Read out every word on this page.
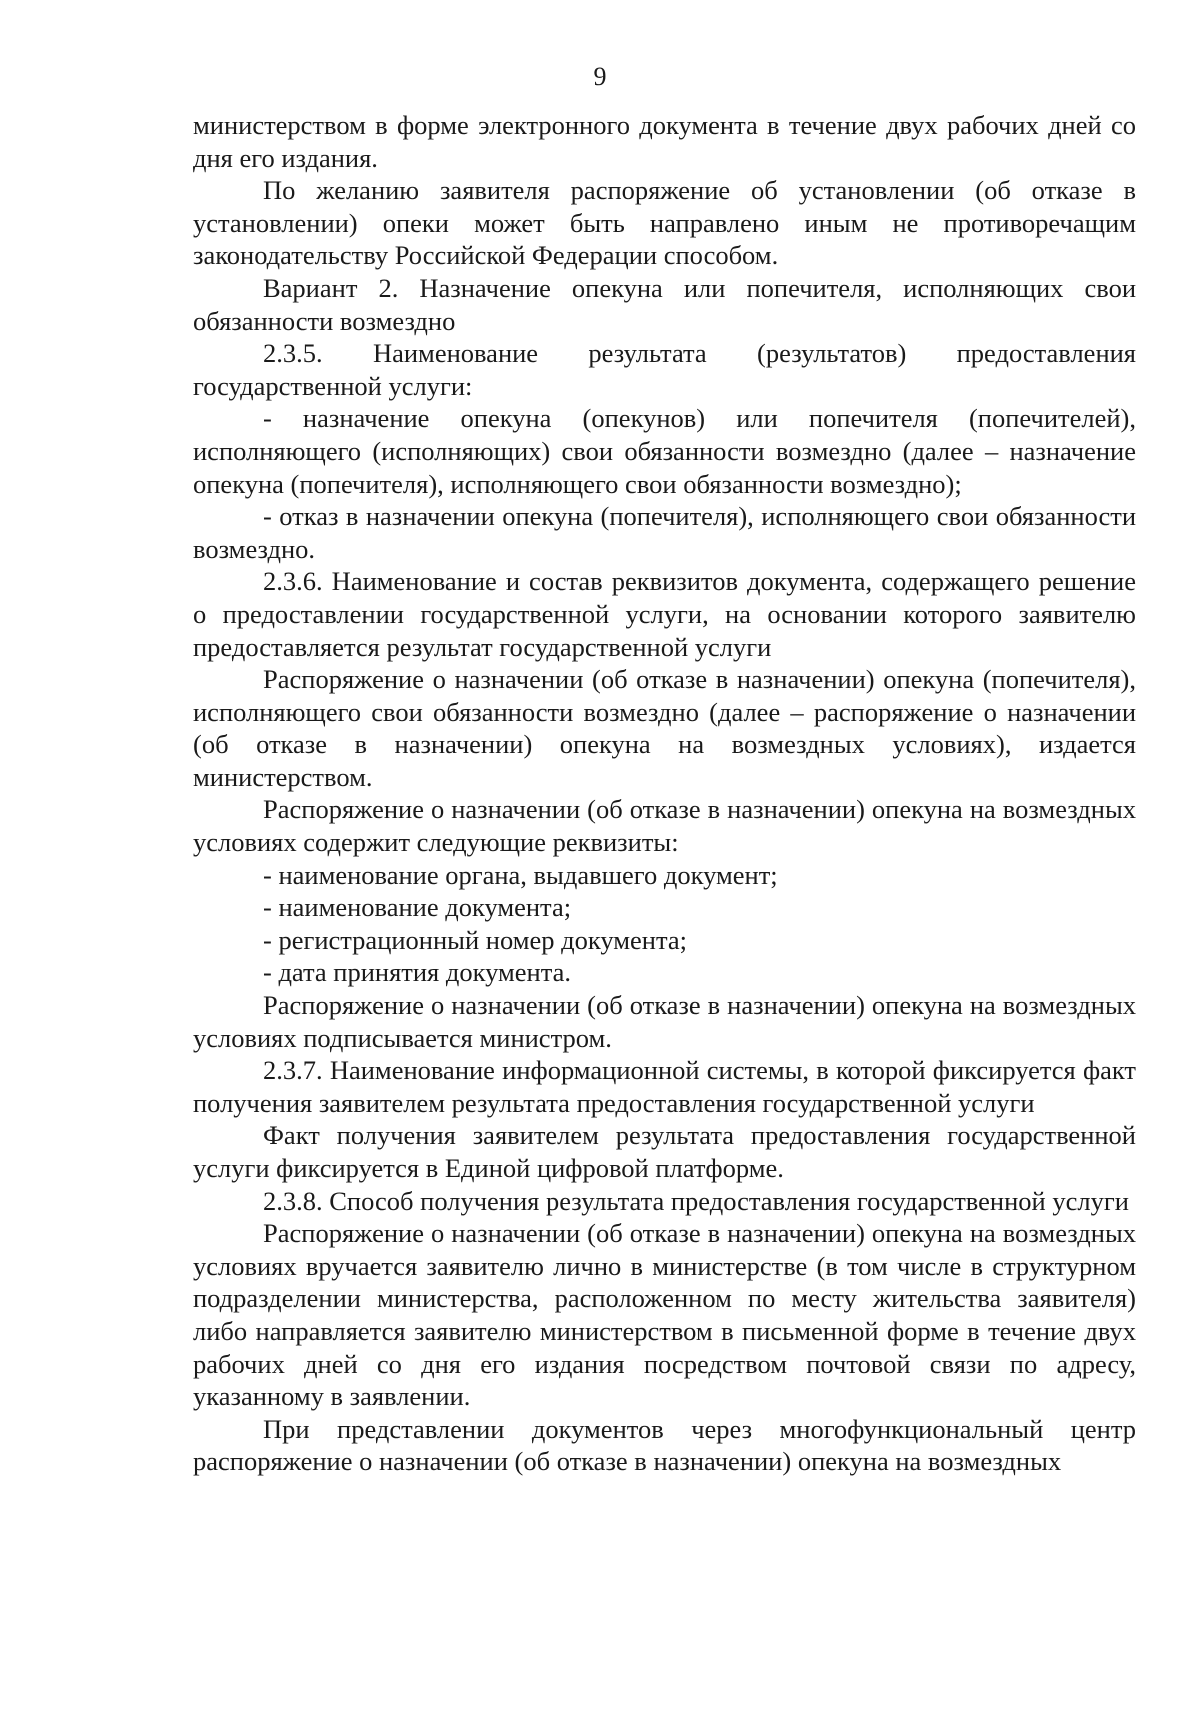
9

министерством в форме электронного документа в течение двух рабочих дней со дня его издания.

По желанию заявителя распоряжение об установлении (об отказе в установлении) опеки может быть направлено иным не противоречащим законодательству Российской Федерации способом.

Вариант 2. Назначение опекуна или попечителя, исполняющих свои обязанности возмездно

2.3.5. Наименование результата (результатов) предоставления государственной услуги:

- назначение опекуна (опекунов) или попечителя (попечителей), исполняющего (исполняющих) свои обязанности возмездно (далее – назначение опекуна (попечителя), исполняющего свои обязанности возмездно);

- отказ в назначении опекуна (попечителя), исполняющего свои обязанности возмездно.

2.3.6. Наименование и состав реквизитов документа, содержащего решение о предоставлении государственной услуги, на основании которого заявителю предоставляется результат государственной услуги

Распоряжение о назначении (об отказе в назначении) опекуна (попечителя), исполняющего свои обязанности возмездно (далее – распоряжение о назначении (об отказе в назначении) опекуна на возмездных условиях), издается министерством.

Распоряжение о назначении (об отказе в назначении) опекуна на возмездных условиях содержит следующие реквизиты:

- наименование органа, выдавшего документ;

- наименование документа;

- регистрационный номер документа;

- дата принятия документа.

Распоряжение о назначении (об отказе в назначении) опекуна на возмездных условиях подписывается министром.

2.3.7. Наименование информационной системы, в которой фиксируется факт получения заявителем результата предоставления государственной услуги

Факт получения заявителем результата предоставления государственной услуги фиксируется в Единой цифровой платформе.

2.3.8. Способ получения результата предоставления государственной услуги

Распоряжение о назначении (об отказе в назначении) опекуна на возмездных условиях вручается заявителю лично в министерстве (в том числе в структурном подразделении министерства, расположенном по месту жительства заявителя) либо направляется заявителю министерством в письменной форме в течение двух рабочих дней со дня его издания посредством почтовой связи по адресу, указанному в заявлении.

При представлении документов через многофункциональный центр распоряжение о назначении (об отказе в назначении) опекуна на возмездных
